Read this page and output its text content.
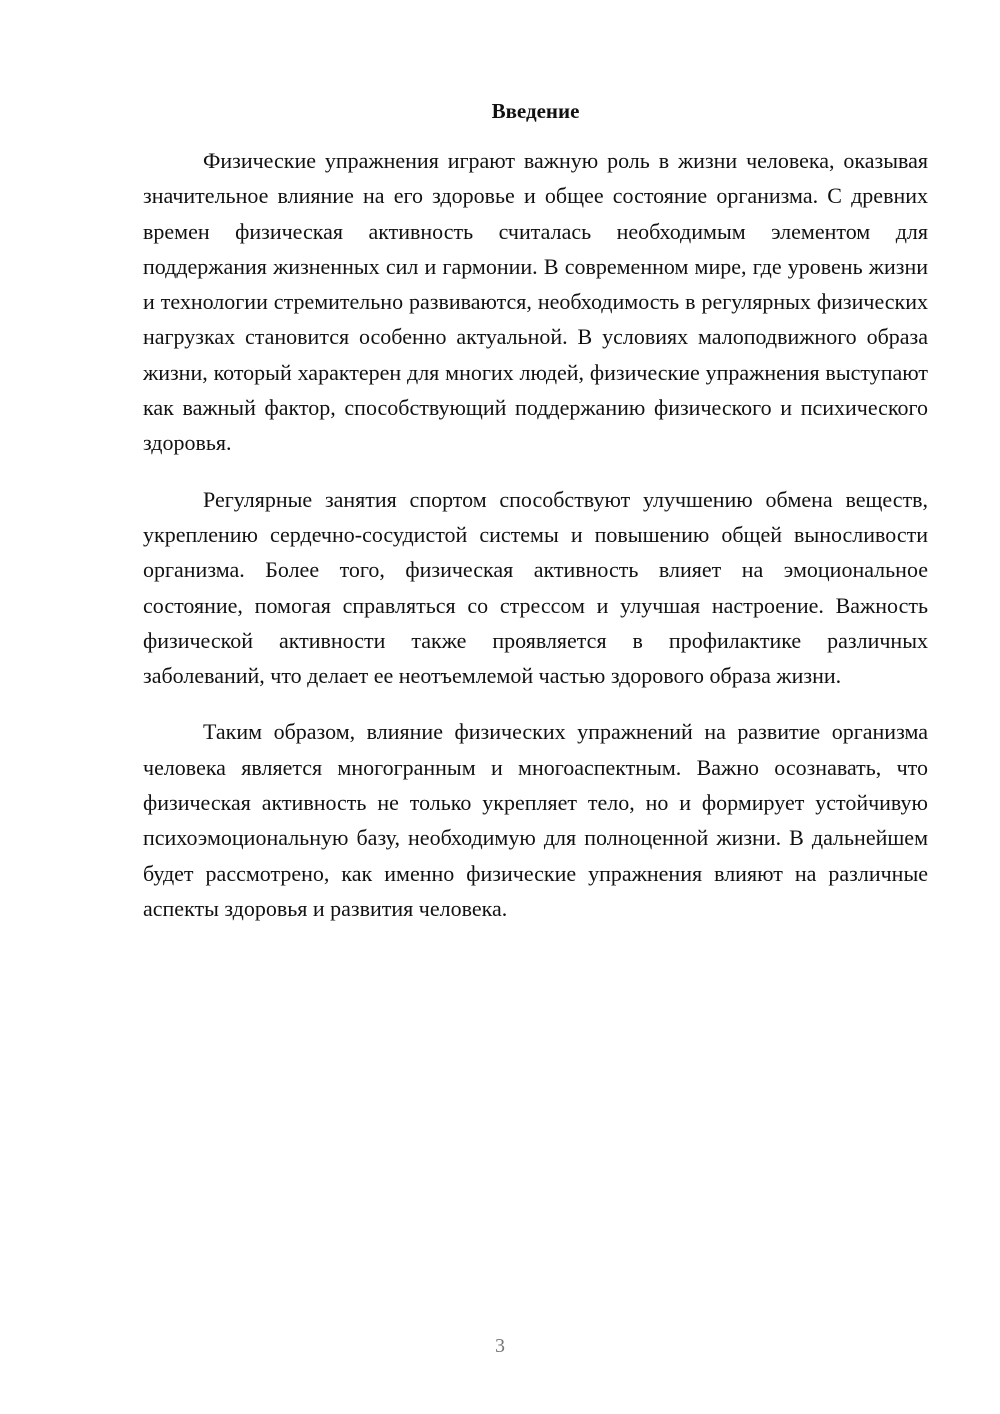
Введение

Физические упражнения играют важную роль в жизни человека, оказывая значительное влияние на его здоровье и общее состояние организма. С древних времен физическая активность считалась необходимым элементом для поддержания жизненных сил и гармонии. В современном мире, где уровень жизни и технологии стремительно развиваются, необходимость в регулярных физических нагрузках становится особенно актуальной. В условиях малоподвижного образа жизни, который характерен для многих людей, физические упражнения выступают как важный фактор, способствующий поддержанию физического и психического здоровья.

Регулярные занятия спортом способствуют улучшению обмена веществ, укреплению сердечно-сосудистой системы и повышению общей выносливости организма. Более того, физическая активность влияет на эмоциональное состояние, помогая справляться со стрессом и улучшая настроение. Важность физической активности также проявляется в профилактике различных заболеваний, что делает ее неотъемлемой частью здорового образа жизни.

Таким образом, влияние физических упражнений на развитие организма человека является многогранным и многоаспектным. Важно осознавать, что физическая активность не только укрепляет тело, но и формирует устойчивую психоэмоциональную базу, необходимую для полноценной жизни. В дальнейшем будет рассмотрено, как именно физические упражнения влияют на различные аспекты здоровья и развития человека.

3
